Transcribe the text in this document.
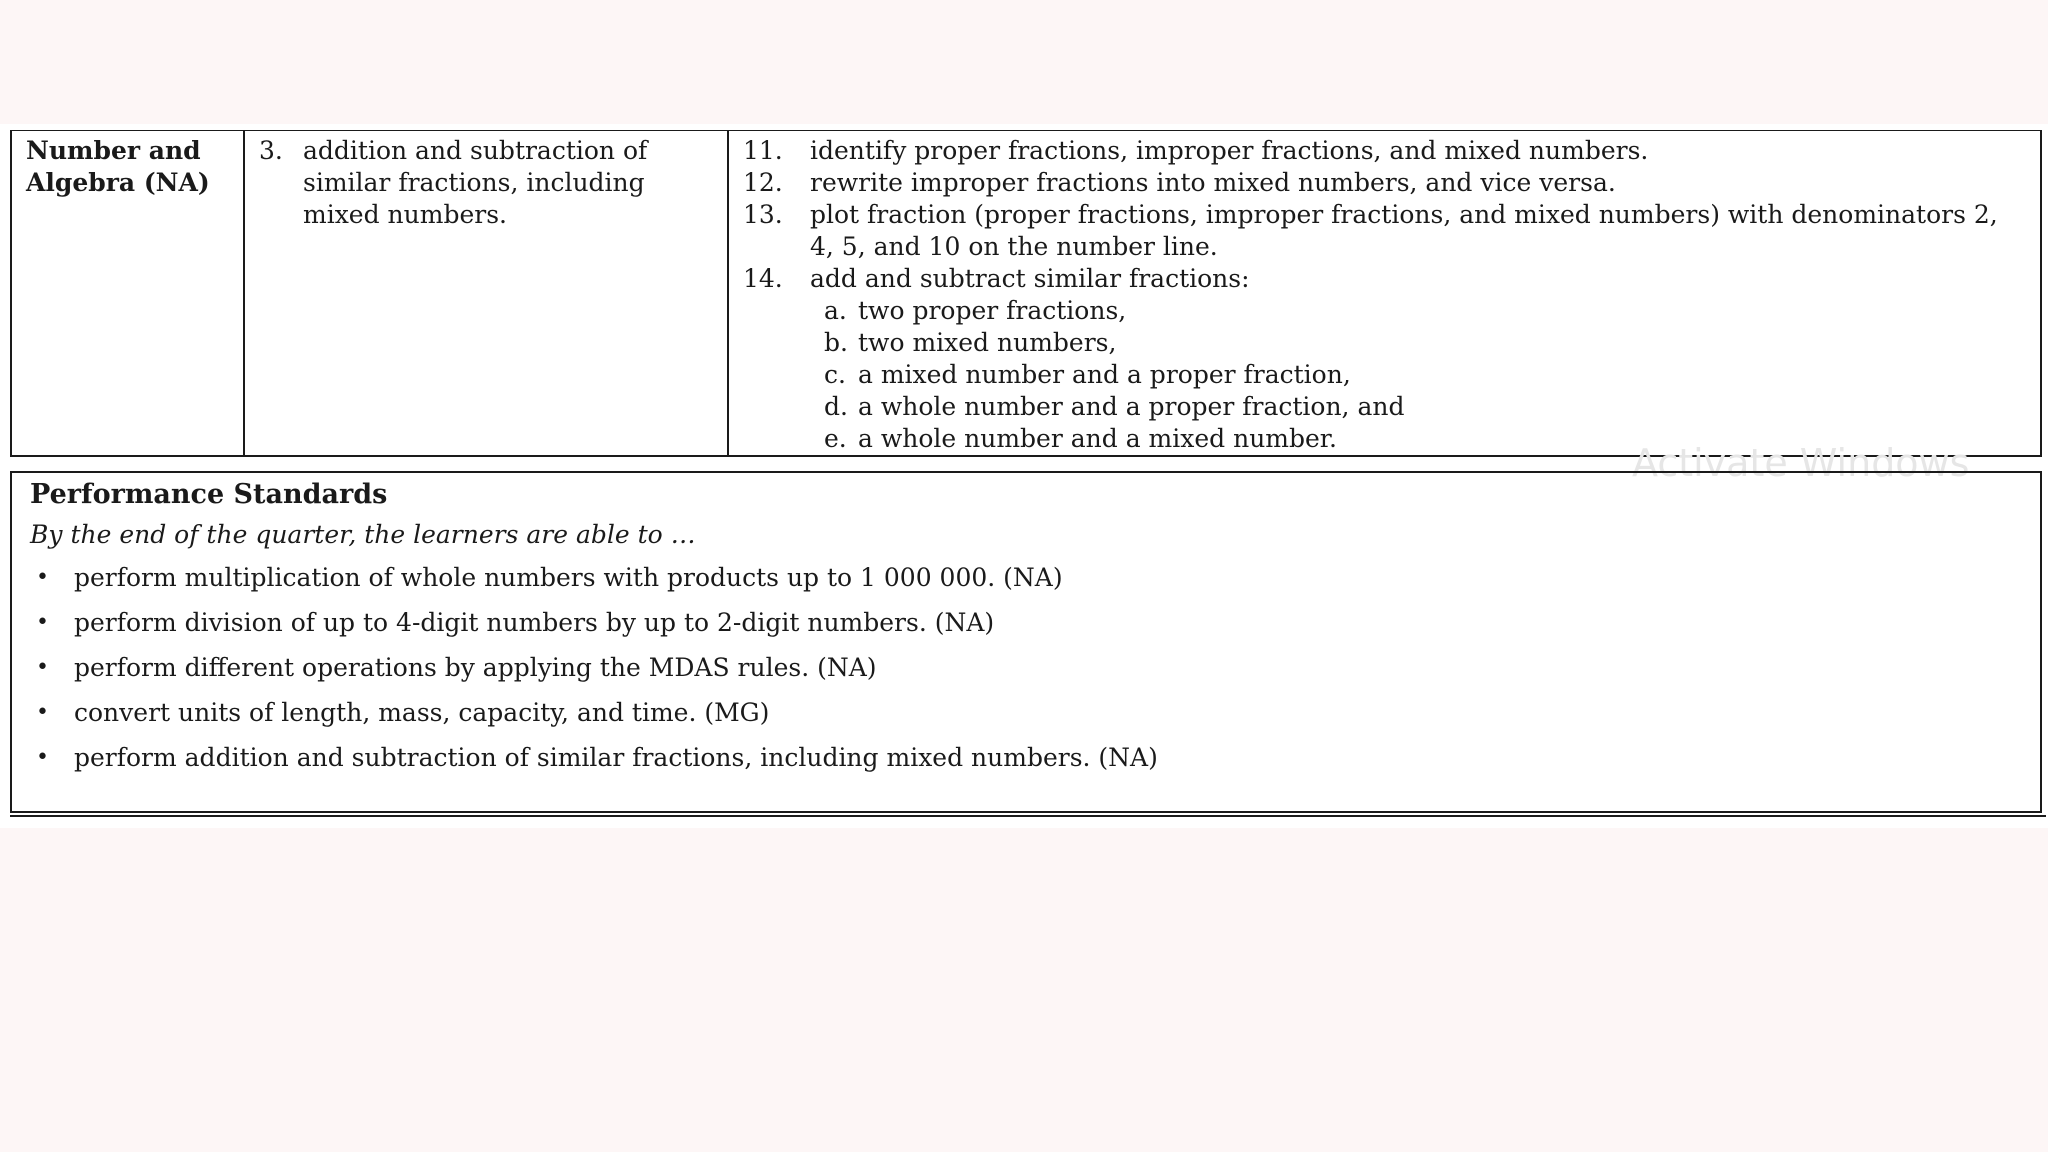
Number and
Algebra (NA)

3. addition and subtraction of similar fractions, including mixed numbers.

11.	identify proper fractions, improper fractions, and mixed numbers.
12.	rewrite improper fractions into mixed numbers, and vice versa.
13.	plot fraction (proper fractions, improper fractions, and mixed numbers) with denominators 2, 4, 5, and 10 on the number line.
14.	add and subtract similar fractions:
a. two proper fractions,
b. two mixed numbers,
c. a mixed number and a proper fraction,
d. a whole number and a proper fraction, and
e. a whole number and a mixed number.
Activate Windows
Performance Standards
By the end of the quarter, the learners are able to …
•	perform multiplication of whole numbers with products up to 1 000 000. (NA)
•	perform division of up to 4-digit numbers by up to 2-digit numbers. (NA)
•	perform different operations by applying the MDAS rules. (NA)
•	convert units of length, mass, capacity, and time. (MG)
•	perform addition and subtraction of similar fractions, including mixed numbers. (NA)
